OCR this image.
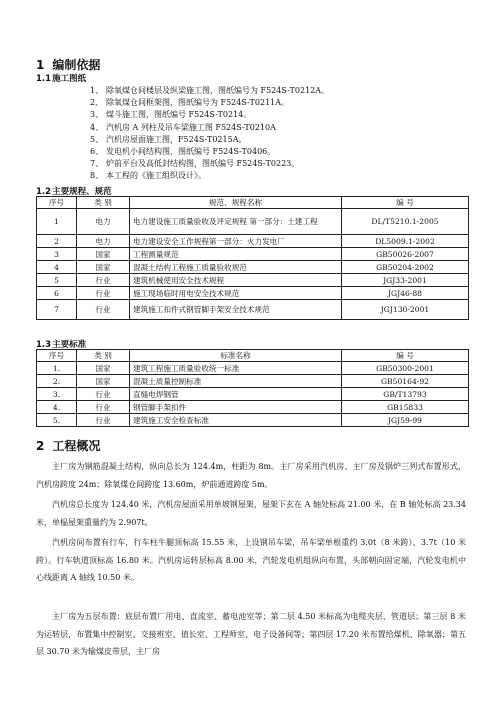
1 编制依据
1.1施工图纸
1、 除氧煤仓间楼层及纵梁施工图，图纸编号为 F524S-T0212A。
2、 除氧煤仓间框架图，图纸编号为 F524S-T0211A。
3、 煤斗施工图，图纸编号 F524S-T0214。
4、 汽机房 A 列柱及吊车梁施工图 F524S-T0210A
5、 汽机房屋面施工图，F524S-T0215A。
6、 发电机小间结构图，图纸编号 F524S-T0406。
7、 炉前平台及高低封结构图，图纸编号 F524S-T0223。
8、 本工程的《施工组织设计》。
1.2主要规程、规范
序号	类 别	规范、规程名称	编 号
1	电力	电力建设施工质量验收及评定规程 第一部分：土建工程	DL/T5210.1-2005
2	电力	电力建设安全工作规程第一部分：火力发电厂	DL5009.1-2002
3	国家	工程测量规范	GB50026-2007
4	国家	混凝土结构工程施工质量验收规范	GB50204-2002
5	行业	建筑机械使用安全技术规程	JGJ33-2001
6	行业	施工现场临时用电安全技术规范	JGJ46-88
7	行业	建筑施工扣件式钢管脚手架安全技术规范	JGJ130-2001
1.3主要标准
序号	类 别	标准名称	编 号
1.	国家	建筑工程施工质量验收统一标准	GB50300-2001
2.	国家	混凝土质量控制标准	GB50164-92
3.	行业	直缝电焊钢管	GB/T13793
4.	行业	钢管脚手架扣件	GB15833
5.	行业	建筑施工安全检查标准	JGJ59-99
2 工程概况
主厂房为钢筋混凝土结构，纵向总长为 124.4m，柱距为 8m。主厂房采用汽机房、主厂房及锅炉三列式布置形式，汽机房跨度 24m；除氧煤仓间跨度 13.60m，炉前通道跨度 5m。
汽机房总长度为 124.40 米，汽机房屋面采用单坡钢屋架，屋架下玄在 A 轴处标高 21.00 米，在 B 轴处标高 23.34 米，单榀屋架重量约为 2.907t。
汽机房间布置有行车，行车柱牛腿顶标高 15.55 米，上设钢吊车梁，吊车梁单根重约 3.0t（8 米跨）、3.7t（10 米跨）。行车轨道顶标高 16.80 米。汽机房运转层标高 8.00 米，汽轮发电机组纵向布置，头部朝向固定端，汽轮发电机中心线距离 A 轴线 10.50 米。
主厂房为五层布置：底层布置厂用电、直流室、蓄电池室等；第二层 4.50 米标高为电缆夹层、管道层；第三层 8 米为运转层，布置集中控制室、交接班室、值长室、工程师室、电子设备间等；第四层 17.20 米布置给煤机、除氧器；第五层 30.70 米为输煤皮带层，主厂房
